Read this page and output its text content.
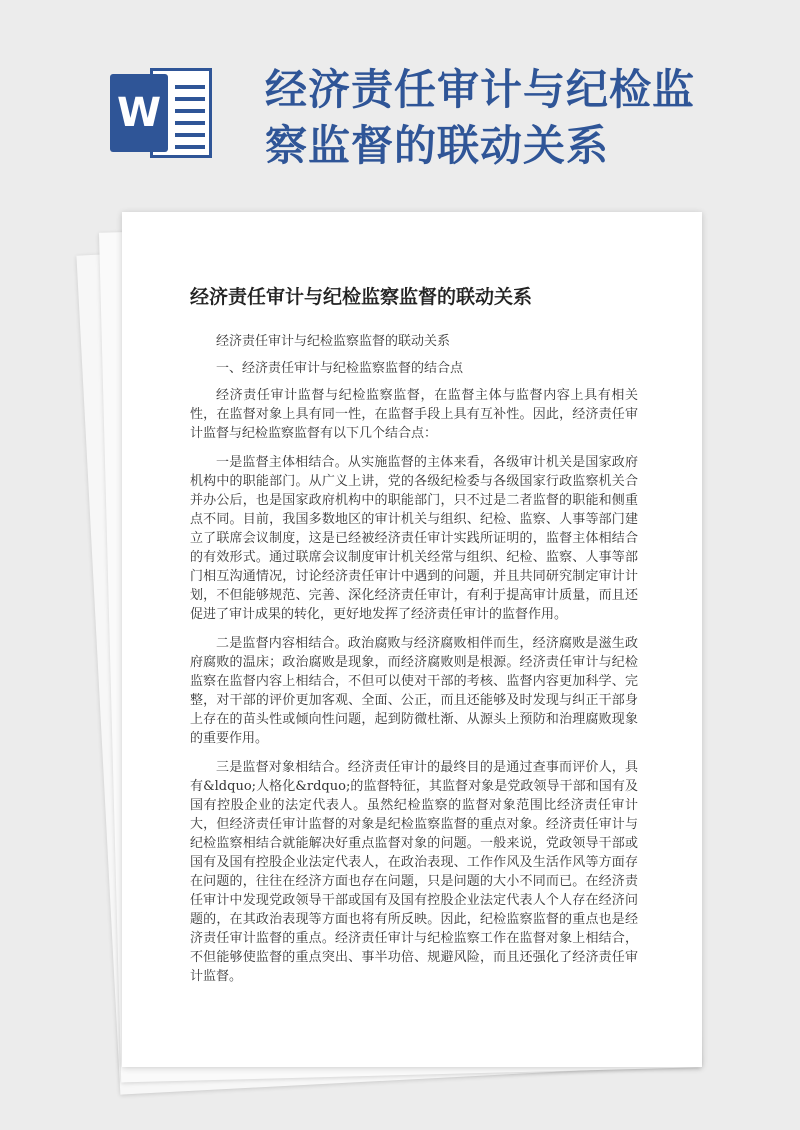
W 经济责任审计与纪检监察监督的联动关系
经济责任审计与纪检监察监督的联动关系

经济责任审计与纪检监察监督的联动关系

一、经济责任审计与纪检监察监督的结合点

经济责任审计监督与纪检监察监督，在监督主体与监督内容上具有相关性，在监督对象上具有同一性，在监督手段上具有互补性。因此，经济责任审计监督与纪检监察监督有以下几个结合点：

一是监督主体相结合。从实施监督的主体来看，各级审计机关是国家政府机构中的职能部门。从广义上讲，党的各级纪检委与各级国家行政监察机关合并办公后，也是国家政府机构中的职能部门，只不过是二者监督的职能和侧重点不同。目前，我国多数地区的审计机关与组织、纪检、监察、人事等部门建立了联席会议制度，这是已经被经济责任审计实践所证明的，监督主体相结合的有效形式。通过联席会议制度审计机关经常与组织、纪检、监察、人事等部门相互沟通情况，讨论经济责任审计中遇到的问题，并且共同研究制定审计计划，不但能够规范、完善、深化经济责任审计，有利于提高审计质量，而且还促进了审计成果的转化，更好地发挥了经济责任审计的监督作用。

二是监督内容相结合。政治腐败与经济腐败相伴而生，经济腐败是滋生政府腐败的温床；政治腐败是现象，而经济腐败则是根源。经济责任审计与纪检监察在监督内容上相结合，不但可以使对干部的考核、监督内容更加科学、完整，对干部的评价更加客观、全面、公正，而且还能够及时发现与纠正干部身上存在的苗头性或倾向性问题，起到防微杜渐、从源头上预防和治理腐败现象的重要作用。

三是监督对象相结合。经济责任审计的最终目的是通过查事而评价人，具有&ldquo;人格化&rdquo;的监督特征，其监督对象是党政领导干部和国有及国有控股企业的法定代表人。虽然纪检监察的监督对象范围比经济责任审计大，但经济责任审计监督的对象是纪检监察监督的重点对象。经济责任审计与纪检监察相结合就能解决好重点监督对象的问题。一般来说，党政领导干部或国有及国有控股企业法定代表人，在政治表现、工作作风及生活作风等方面存在问题的，往往在经济方面也存在问题，只是问题的大小不同而已。在经济责任审计中发现党政领导干部或国有及国有控股企业法定代表人个人存在经济问题的，在其政治表现等方面也将有所反映。因此，纪检监察监督的重点也是经济责任审计监督的重点。经济责任审计与纪检监察工作在监督对象上相结合，不但能够使监督的重点突出、事半功倍、规避风险，而且还强化了经济责任审计监督。
